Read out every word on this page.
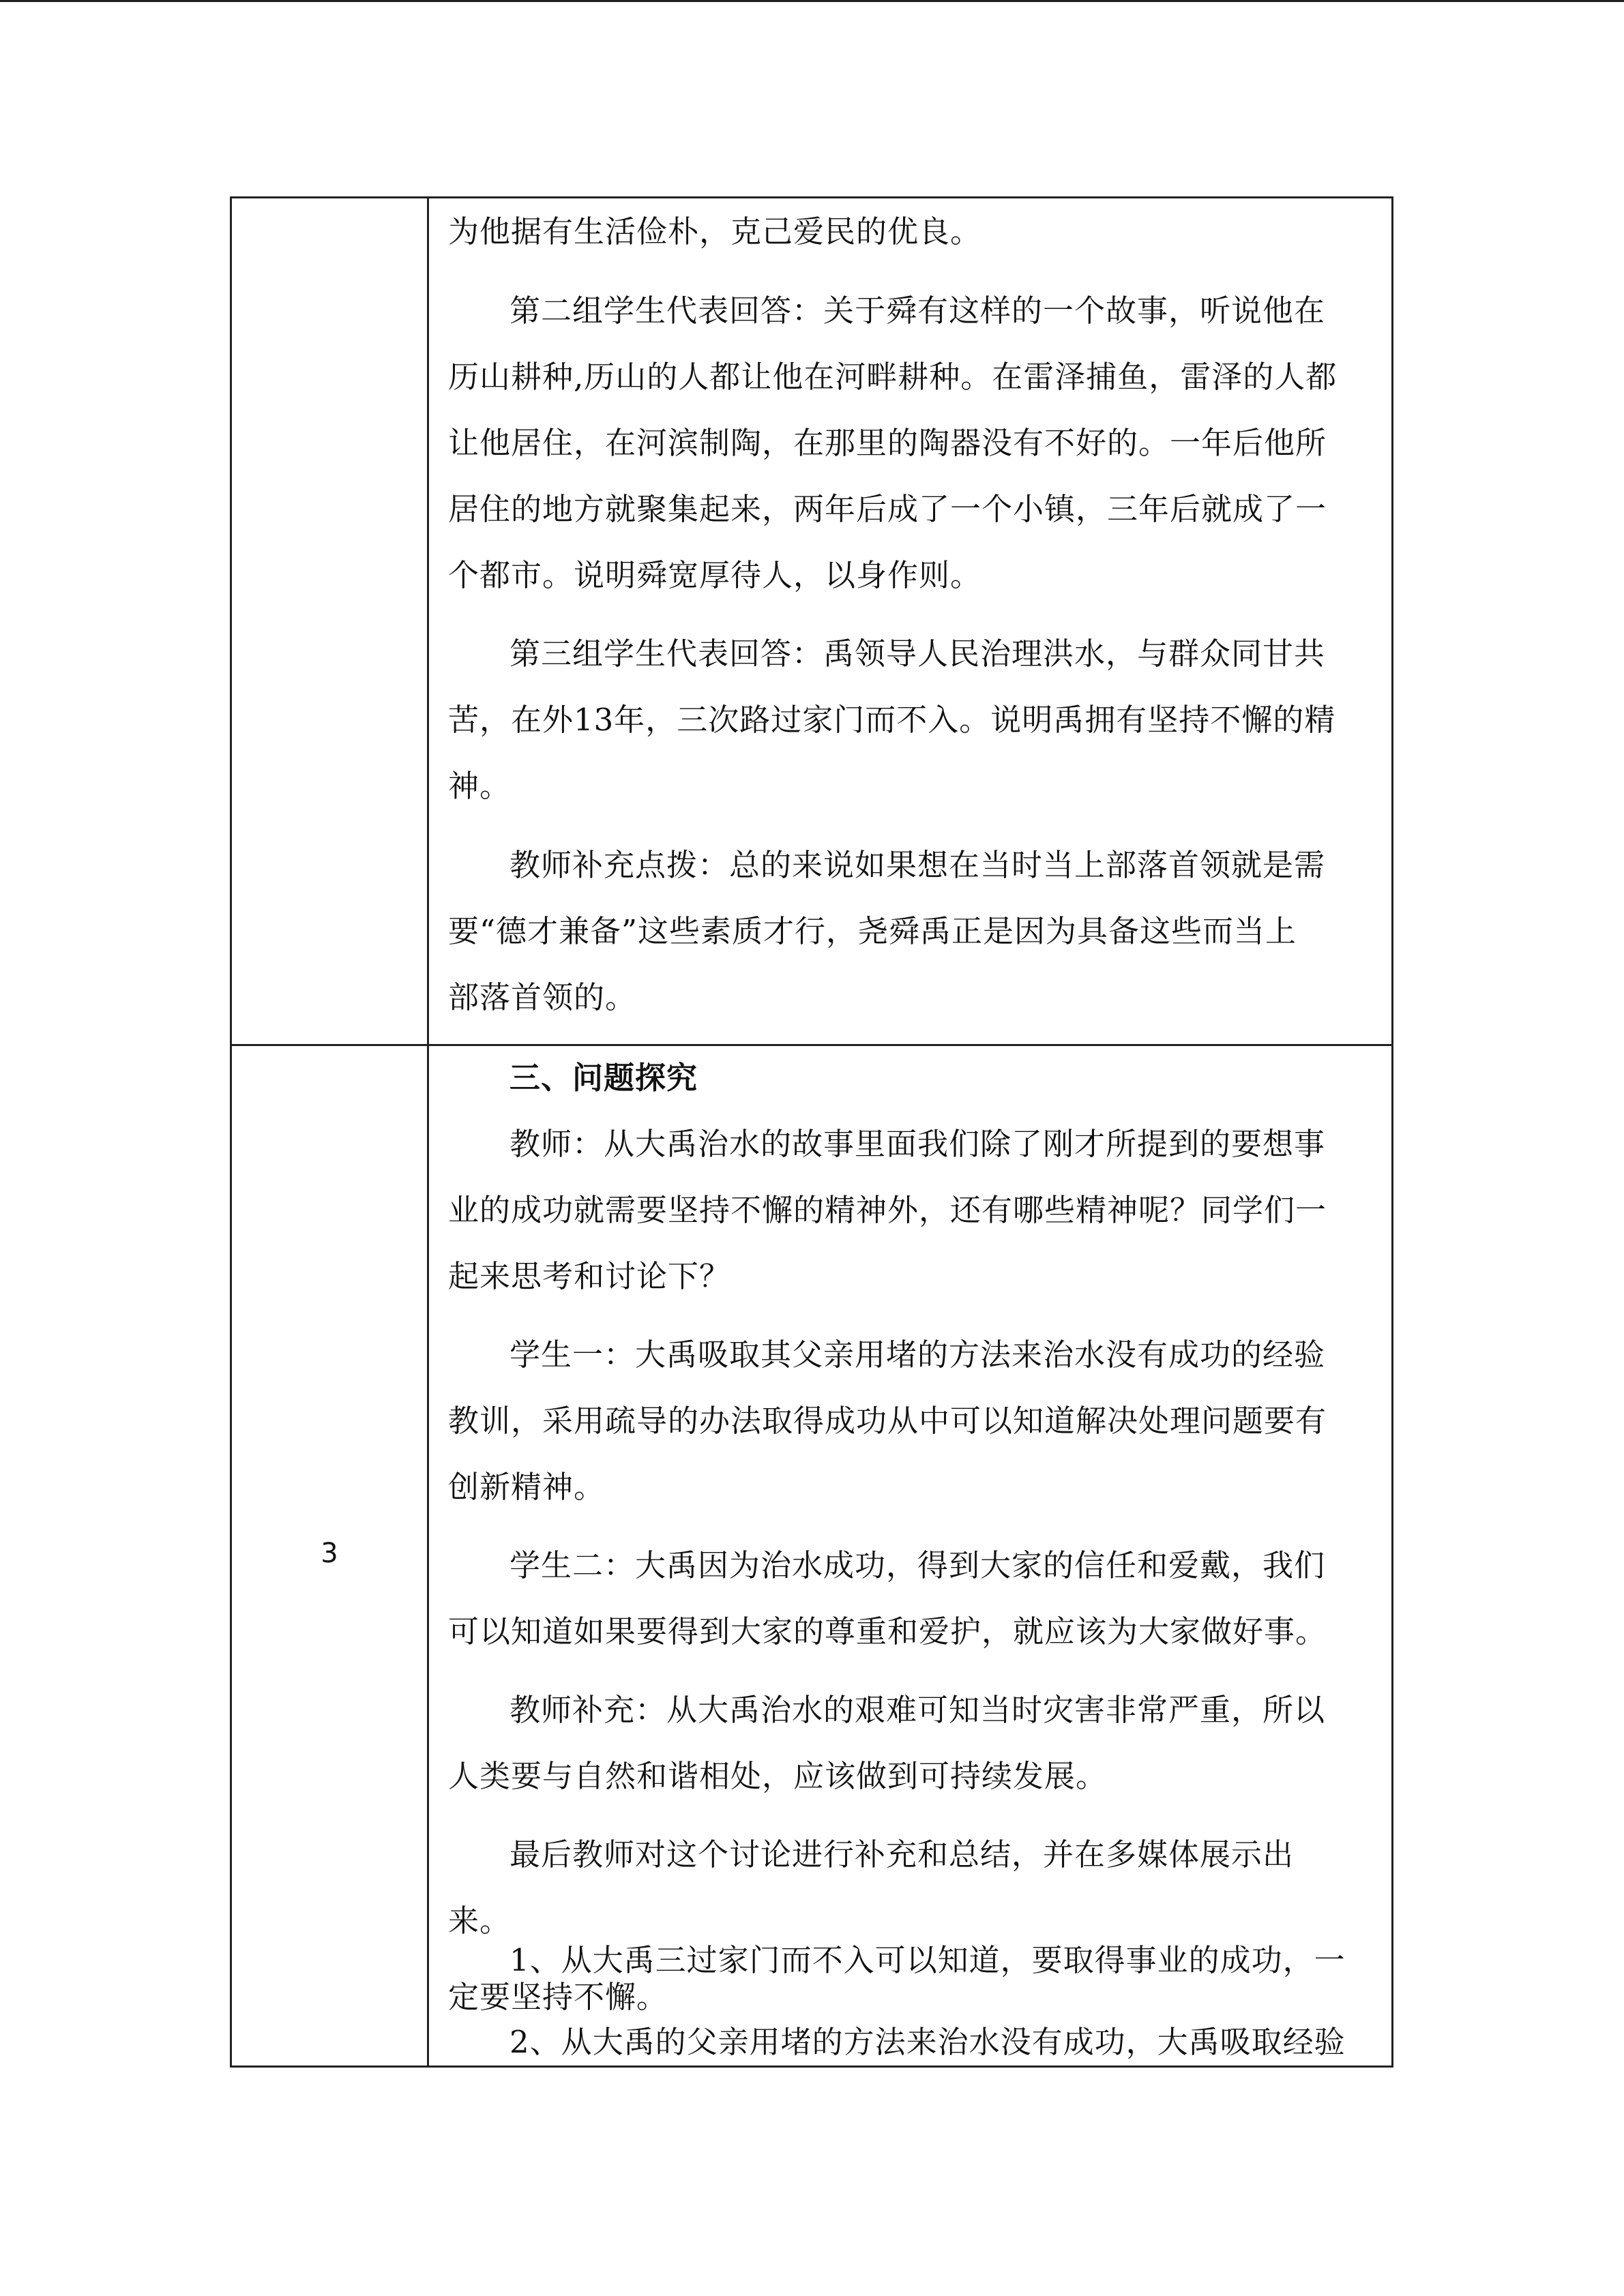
为他据有生活俭朴，克己爱民的优良。
第二组学生代表回答：关于舜有这样的一个故事，听说他在
历山耕种,历山的人都让他在河畔耕种。在雷泽捕鱼，雷泽的人都
让他居住，在河滨制陶，在那里的陶器没有不好的。一年后他所
居住的地方就聚集起来，两年后成了一个小镇，三年后就成了一
个都市。说明舜宽厚待人，以身作则。
第三组学生代表回答：禹领导人民治理洪水，与群众同甘共
苦，在外13年，三次路过家门而不入。说明禹拥有坚持不懈的精
神。
教师补充点拨：总的来说如果想在当时当上部落首领就是需
要“德才兼备”这些素质才行，尧舜禹正是因为具备这些而当上
部落首领的。
3
三、问题探究
教师：从大禹治水的故事里面我们除了刚才所提到的要想事
业的成功就需要坚持不懈的精神外，还有哪些精神呢？同学们一
起来思考和讨论下？
学生一：大禹吸取其父亲用堵的方法来治水没有成功的经验
教训，采用疏导的办法取得成功从中可以知道解决处理问题要有
创新精神。
学生二：大禹因为治水成功，得到大家的信任和爱戴，我们
可以知道如果要得到大家的尊重和爱护，就应该为大家做好事。
教师补充：从大禹治水的艰难可知当时灾害非常严重，所以
人类要与自然和谐相处，应该做到可持续发展。
最后教师对这个讨论进行补充和总结，并在多媒体展示出
来。
1、从大禹三过家门而不入可以知道，要取得事业的成功，一
定要坚持不懈。
2、从大禹的父亲用堵的方法来治水没有成功，大禹吸取经验
